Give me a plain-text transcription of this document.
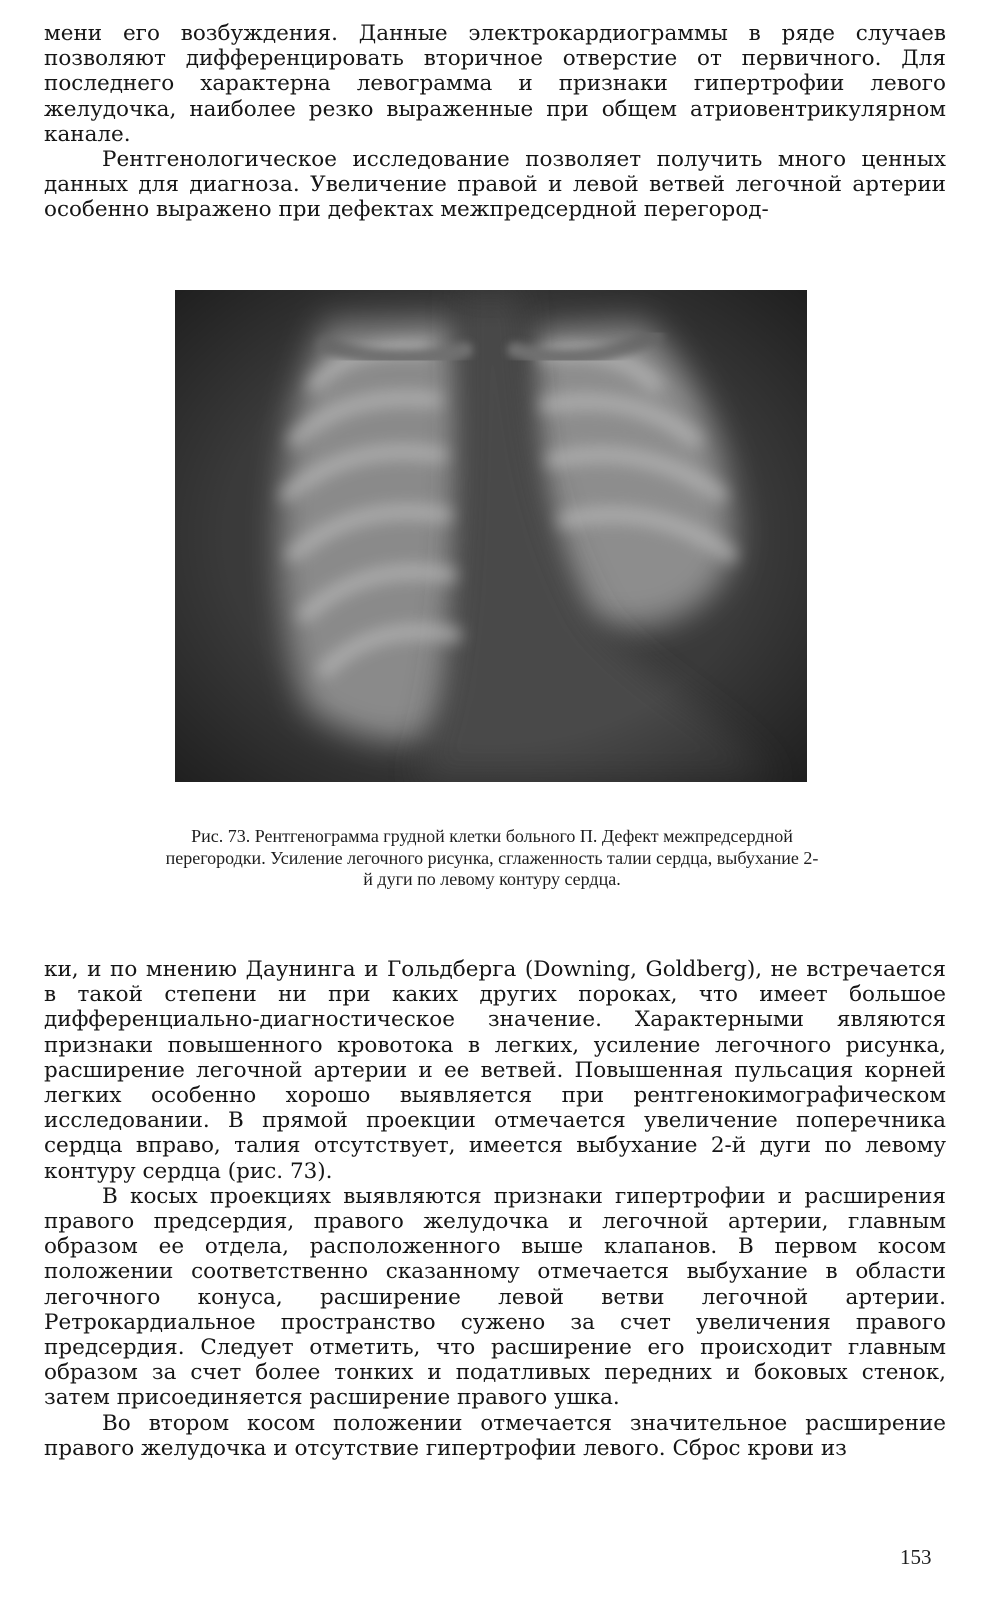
мени его возбуждения. Данные электрокардиограммы в ряде случаев позволяют дифференцировать вторичное отверстие от первичного. Для последнего характерна левограмма и признаки гипертрофии левого желудочка, наиболее резко выраженные при общем атриовентрикулярном канале.

Рентгенологическое исследование позволяет получить много ценных данных для диагноза. Увеличение правой и левой ветвей легочной артерии особенно выражено при дефектах межпредсердной перегород-

Рис. 73. Рентгенограмма грудной клетки больного П. Дефект межпредсердной перегородки. Усиление легочного рисунка, сглаженность талии сердца, выбухание 2-й дуги по левому контуру сердца.

ки, и по мнению Даунинга и Гольдберга (Downing, Goldberg), не встречается в такой степени ни при каких других пороках, что имеет большое дифференциально-диагностическое значение. Характерными являются признаки повышенного кровотока в легких, усиление легочного рисунка, расширение легочной артерии и ее ветвей. Повышенная пульсация корней легких особенно хорошо выявляется при рентгенокимографическом исследовании. В прямой проекции отмечается увеличение поперечника сердца вправо, талия отсутствует, имеется выбухание 2-й дуги по левому контуру сердца (рис. 73).

В косых проекциях выявляются признаки гипертрофии и расширения правого предсердия, правого желудочка и легочной артерии, главным образом ее отдела, расположенного выше клапанов. В первом косом положении соответственно сказанному отмечается выбухание в области легочного конуса, расширение левой ветви легочной артерии. Ретрокардиальное пространство сужено за счет увеличения правого предсердия. Следует отметить, что расширение его происходит главным образом за счет более тонких и податливых передних и боковых стенок, затем присоединяется расширение правого ушка.

Во втором косом положении отмечается значительное расширение правого желудочка и отсутствие гипертрофии левого. Сброс крови из

153
